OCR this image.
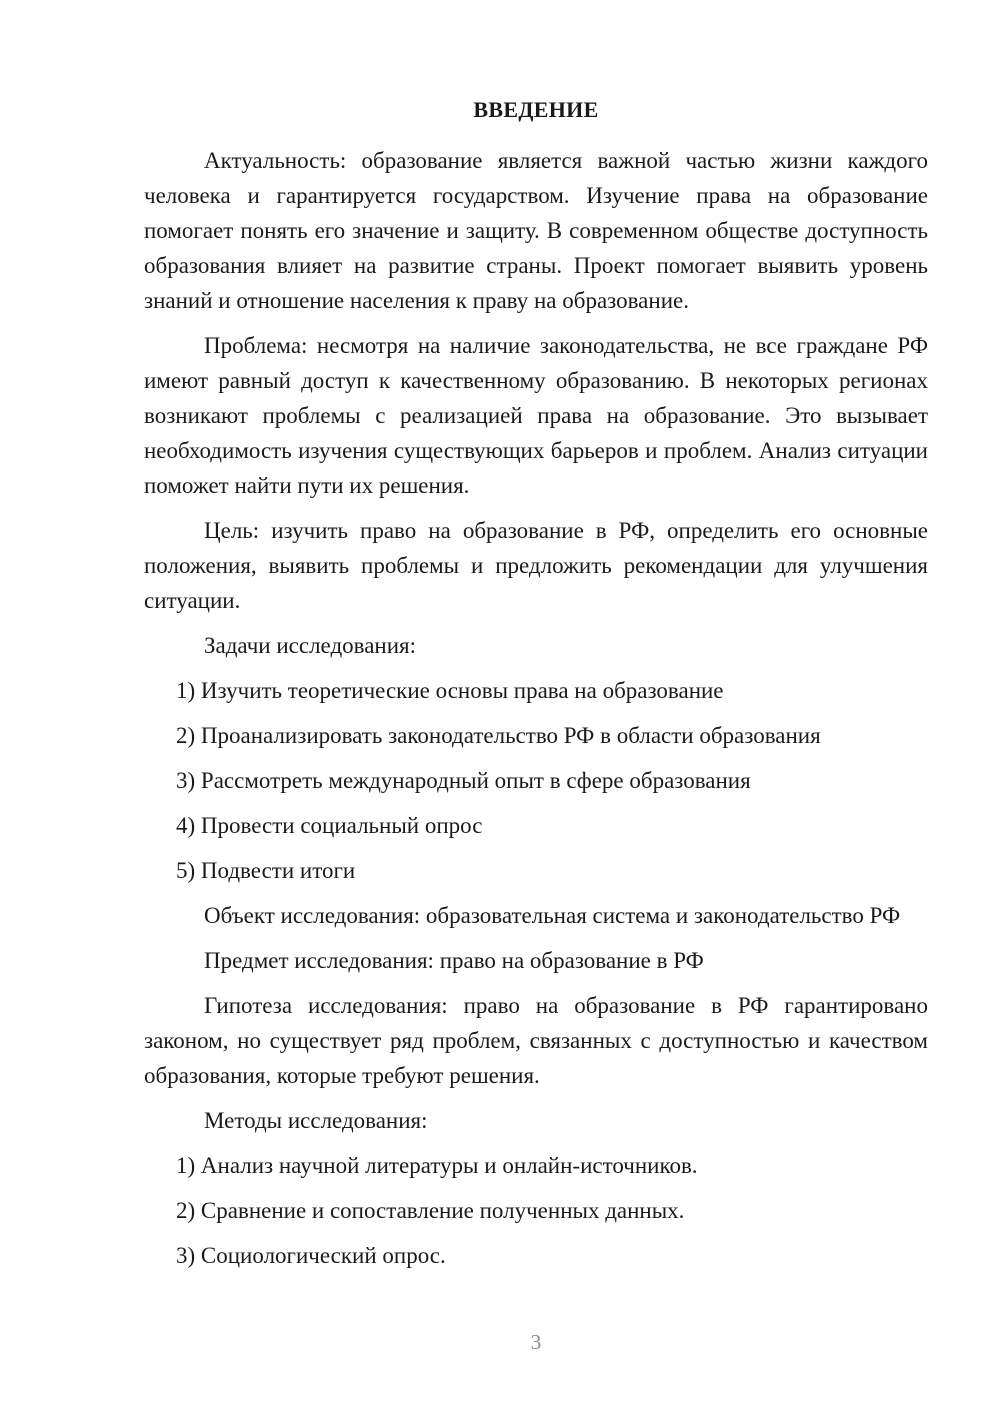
ВВЕДЕНИЕ
Актуальность: образование является важной частью жизни каждого человека и гарантируется государством. Изучение права на образование помогает понять его значение и защиту. В современном обществе доступность образования влияет на развитие страны. Проект помогает выявить уровень знаний и отношение населения к праву на образование.
Проблема: несмотря на наличие законодательства, не все граждане РФ имеют равный доступ к качественному образованию. В некоторых регионах возникают проблемы с реализацией права на образование. Это вызывает необходимость изучения существующих барьеров и проблем. Анализ ситуации поможет найти пути их решения.
Цель: изучить право на образование в РФ, определить его основные положения, выявить проблемы и предложить рекомендации для улучшения ситуации.
Задачи исследования:
1) Изучить теоретические основы права на образование
2) Проанализировать законодательство РФ в области образования
3) Рассмотреть международный опыт в сфере образования
4) Провести социальный опрос
5) Подвести итоги
Объект исследования: образовательная система и законодательство РФ
Предмет исследования: право на образование в РФ
Гипотеза исследования: право на образование в РФ гарантировано законом, но существует ряд проблем, связанных с доступностью и качеством образования, которые требуют решения.
Методы исследования:
1) Анализ научной литературы и онлайн-источников.
2) Сравнение и сопоставление полученных данных.
3) Социологический опрос.
3
